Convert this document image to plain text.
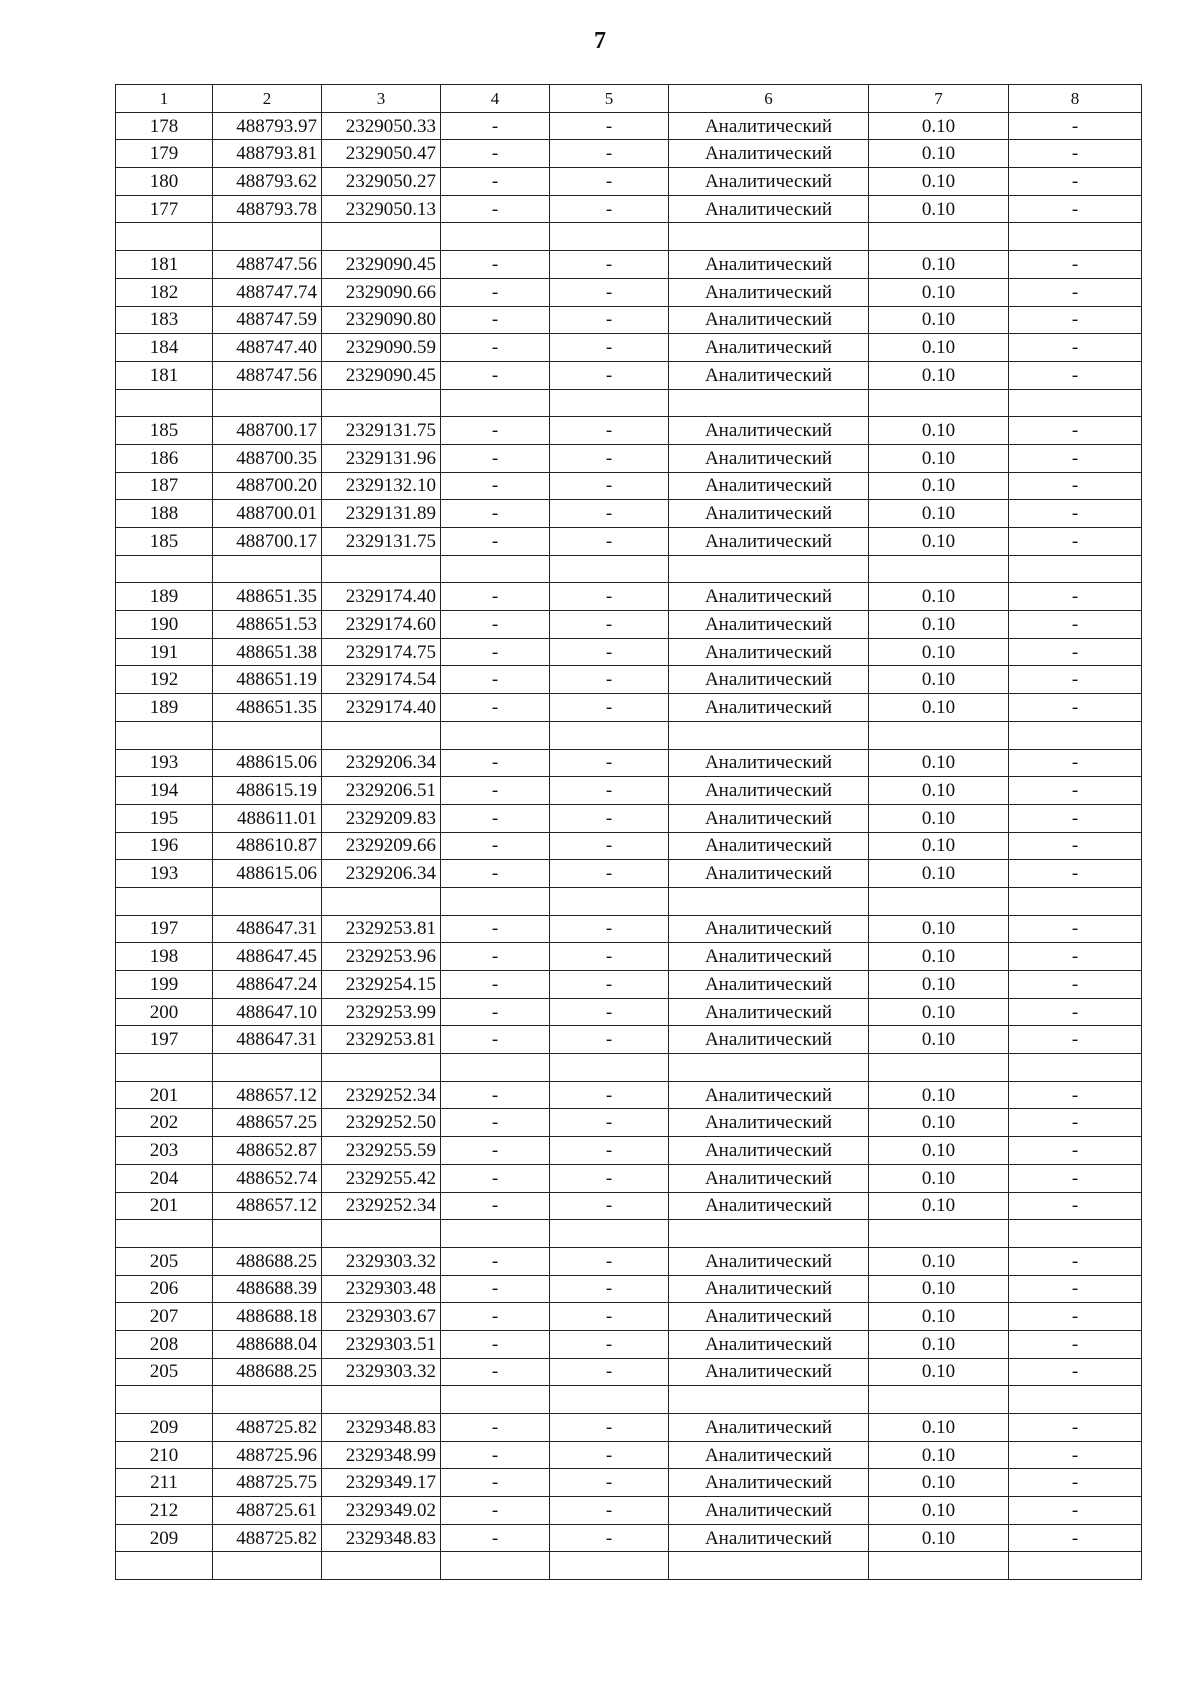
7
1	2	3	4	5	6	7	8
178	488793.97	2329050.33	-	-	Аналитический	0.10	-
179	488793.81	2329050.47	-	-	Аналитический	0.10	-
180	488793.62	2329050.27	-	-	Аналитический	0.10	-
177	488793.78	2329050.13	-	-	Аналитический	0.10	-

181	488747.56	2329090.45	-	-	Аналитический	0.10	-
182	488747.74	2329090.66	-	-	Аналитический	0.10	-
183	488747.59	2329090.80	-	-	Аналитический	0.10	-
184	488747.40	2329090.59	-	-	Аналитический	0.10	-
181	488747.56	2329090.45	-	-	Аналитический	0.10	-

185	488700.17	2329131.75	-	-	Аналитический	0.10	-
186	488700.35	2329131.96	-	-	Аналитический	0.10	-
187	488700.20	2329132.10	-	-	Аналитический	0.10	-
188	488700.01	2329131.89	-	-	Аналитический	0.10	-
185	488700.17	2329131.75	-	-	Аналитический	0.10	-

189	488651.35	2329174.40	-	-	Аналитический	0.10	-
190	488651.53	2329174.60	-	-	Аналитический	0.10	-
191	488651.38	2329174.75	-	-	Аналитический	0.10	-
192	488651.19	2329174.54	-	-	Аналитический	0.10	-
189	488651.35	2329174.40	-	-	Аналитический	0.10	-

193	488615.06	2329206.34	-	-	Аналитический	0.10	-
194	488615.19	2329206.51	-	-	Аналитический	0.10	-
195	488611.01	2329209.83	-	-	Аналитический	0.10	-
196	488610.87	2329209.66	-	-	Аналитический	0.10	-
193	488615.06	2329206.34	-	-	Аналитический	0.10	-

197	488647.31	2329253.81	-	-	Аналитический	0.10	-
198	488647.45	2329253.96	-	-	Аналитический	0.10	-
199	488647.24	2329254.15	-	-	Аналитический	0.10	-
200	488647.10	2329253.99	-	-	Аналитический	0.10	-
197	488647.31	2329253.81	-	-	Аналитический	0.10	-

201	488657.12	2329252.34	-	-	Аналитический	0.10	-
202	488657.25	2329252.50	-	-	Аналитический	0.10	-
203	488652.87	2329255.59	-	-	Аналитический	0.10	-
204	488652.74	2329255.42	-	-	Аналитический	0.10	-
201	488657.12	2329252.34	-	-	Аналитический	0.10	-

205	488688.25	2329303.32	-	-	Аналитический	0.10	-
206	488688.39	2329303.48	-	-	Аналитический	0.10	-
207	488688.18	2329303.67	-	-	Аналитический	0.10	-
208	488688.04	2329303.51	-	-	Аналитический	0.10	-
205	488688.25	2329303.32	-	-	Аналитический	0.10	-

209	488725.82	2329348.83	-	-	Аналитический	0.10	-
210	488725.96	2329348.99	-	-	Аналитический	0.10	-
211	488725.75	2329349.17	-	-	Аналитический	0.10	-
212	488725.61	2329349.02	-	-	Аналитический	0.10	-
209	488725.82	2329348.83	-	-	Аналитический	0.10	-
